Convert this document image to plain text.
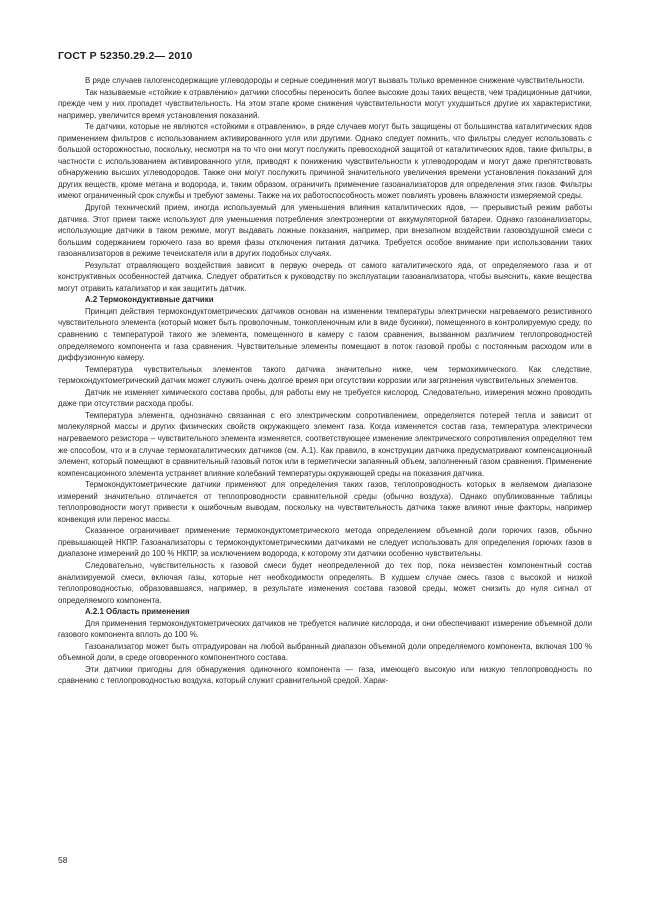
ГОСТ Р 52350.29.2— 2010

В ряде случаев галогенсодержащие углеводороды и серные соединения могут вызвать только временное снижение чувствительности.

Так называемые «стойкие к отравлению» датчики способны переносить более высокие дозы таких веществ, чем традиционные датчики, прежде чем у них пропадет чувствительность. На этом этапе кроме снижения чувствительности могут ухудшиться другие их характеристики, например, увеличится время установления показаний.

Те датчики, которые не являются «стойкими к отравлению», в ряде случаев могут быть защищены от большинства каталитических ядов применением фильтров с использованием активированного угля или другими. Однако следует помнить, что фильтры следует использовать с большой осторожностью, поскольку, несмотря на то что они могут послужить превосходной защитой от каталитических ядов, такие фильтры, в частности с использованием активированного угля, приводят к понижению чувствительности к углеводородам и могут даже препятствовать обнаружению высших углеводородов. Также они могут послужить причиной значительного увеличения времени установления показаний для других веществ, кроме метана и водорода, и, таким образом, ограничить применение газоанализаторов для определения этих газов. Фильтры имеют ограниченный срок службы и требуют замены. Также на их работоспособность может повлиять уровень влажности измеряемой среды.

Другой технический прием, иногда используемый для уменьшения влияния каталитических ядов, — прерывистый режим работы датчика. Этот прием также используют для уменьшения потребления электроэнергии от аккумуляторной батареи. Однако газоанализаторы, использующие датчики в таком режиме, могут выдавать ложные показания, например, при внезапном воздействии газовоздушной смеси с большим содержанием горючего газа во время фазы отключения питания датчика. Требуется особое внимание при использовании таких газоанализаторов в режиме течеискателя или в других подобных случаях.

Результат отравляющего воздействия зависит в первую очередь от самого каталитического яда, от определяемого газа и от конструктивных особенностей датчика. Следует обратиться к руководству по эксплуатации газоанализатора, чтобы выяснить, какие вещества могут отравить катализатор и как защитить датчик.

А.2 Термокондуктивные датчики

Принцип действия термокондуктометрических датчиков основан на изменении температуры электрически нагреваемого резистивного чувствительного элемента (который может быть проволочным, тонкопленочным или в виде бусинки), помещенного в контролируемую среду, по сравнению с температурой такого же элемента, помещенного в камеру с газом сравнения, вызванном различием теплопроводностей определяемого компонента и газа сравнения. Чувствительные элементы помещают в поток газовой пробы с постоянным расходом или в диффузионную камеру.

Температура чувствительных элементов такого датчика значительно ниже, чем термохимического. Как следствие, термокондуктометрический датчик может служить очень долгое время при отсутствии коррозии или загрязнения чувствительных элементов.

Датчик не изменяет химического состава пробы, для работы ему не требуется кислород. Следовательно, измерения можно проводить даже при отсутствии расхода пробы.

Температура элемента, однозначно связанная с его электрическим сопротивлением, определяется потерей тепла и зависит от молекулярной массы и других физических свойств окружающего элемент газа. Когда изменяется состав газа, температура электрически нагреваемого резистора – чувствительного элемента изменяется, соответствующее изменение электрического сопротивления определяют тем же способом, что и в случае термокаталитических датчиков (см. А.1). Как правило, в конструкции датчика предусматривают компенсационный элемент, который помещают в сравнительный газовый поток или в герметически запаянный объем, заполненный газом сравнения. Применение компенсационного элемента устраняет влияние колебаний температуры окружающей среды на показания датчика.

Термокондуктометрические датчики применяют для определения таких газов, теплопроводность которых в желаемом диапазоне измерений значительно отличается от теплопроводности сравнительной среды (обычно воздуха). Однако опубликованные таблицы теплопроводности могут привести к ошибочным выводам, поскольку на чувствительность датчика также влияют иные факторы, например конвекция или перенос массы.

Сказанное ограничивает применение термокондуктометрического метода определением объемной доли горючих газов, обычно превышающей НКПР. Газоанализаторы с термокондуктометрическими датчиками не следует использовать для определения горючих газов в диапазоне измерений до 100 % НКПР, за исключением водорода, к которому эти датчики особенно чувствительны.

Следовательно, чувствительность к газовой смеси будет неопределенной до тех пор, пока неизвестен компонентный состав анализируемой смеси, включая газы, которые нет необходимости определять. В худшем случае смесь газов с высокой и низкой теплопроводностью, образовавшаяся, например, в результате изменения состава газовой среды, может снизить до нуля сигнал от определяемого компонента.

А.2.1 Область применения

Для применения термокондуктометрических датчиков не требуется наличие кислорода, и они обеспечивают измерение объемной доли газового компонента вплоть до 100 %.

Газоанализатор может быть отградуирован на любой выбранный диапазон объемной доли определяемого компонента, включая 100 % объемной доли, в среде оговоренного компонентного состава.

Эти датчики пригодны для обнаружения одиночного компонента — газа, имеющего высокую или низкую теплопроводность по сравнению с теплопроводностью воздуха, который служит сравнительной средой. Харак-

58
